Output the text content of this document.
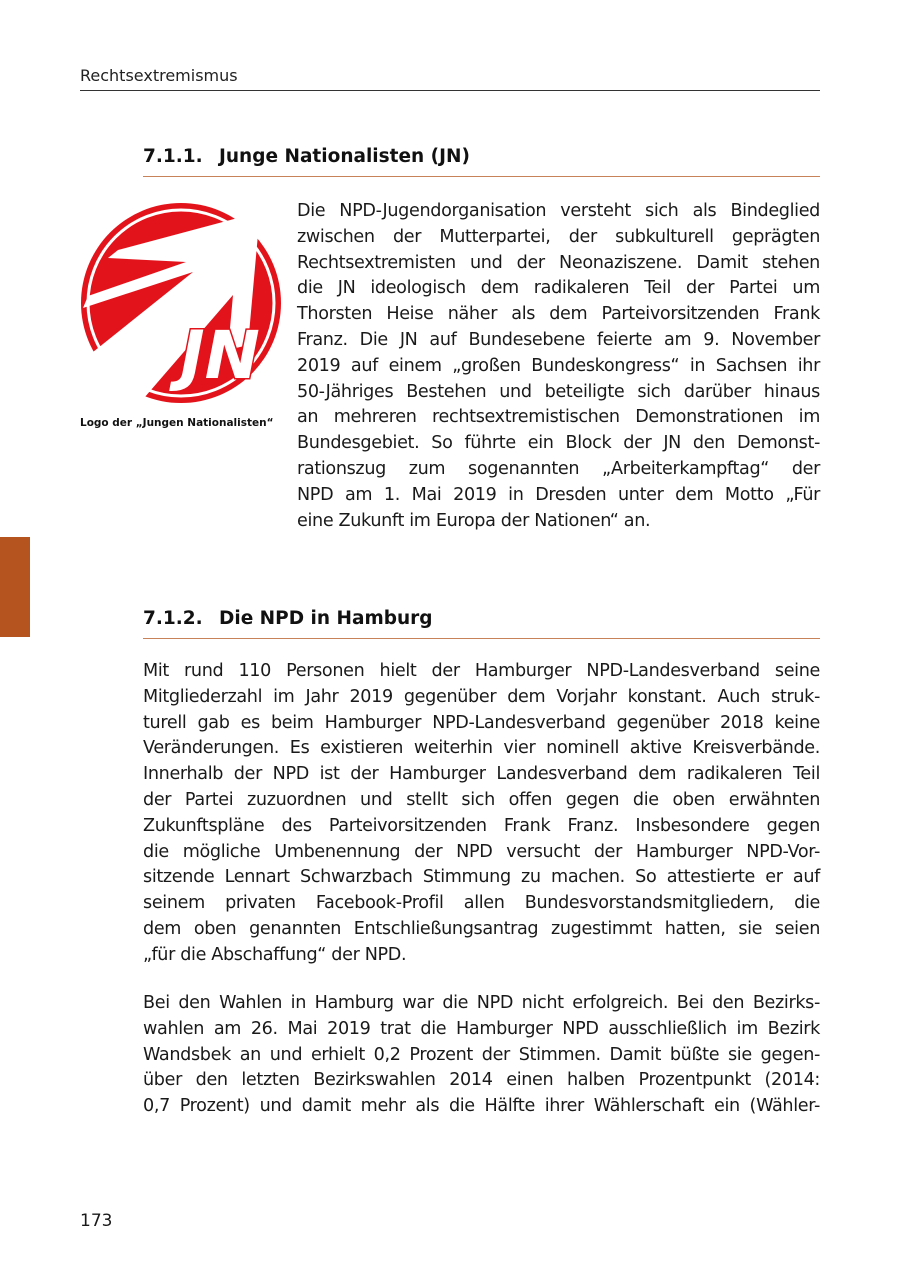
Rechtsextremismus
7.1.1. Junge Nationalisten (JN)
JN
Logo der „Jungen Nationalisten“
Die NPD-Jugendorganisation versteht sich als Bindeglied
zwischen der Mutterpartei, der subkulturell geprägten
Rechtsextremisten und der Neonaziszene. Damit stehen
die JN ideologisch dem radikaleren Teil der Partei um
Thorsten Heise näher als dem Parteivorsitzenden Frank
Franz. Die JN auf Bundesebene feierte am 9. November
2019 auf einem „großen Bundeskongress“ in Sachsen ihr
50-Jähriges Bestehen und beteiligte sich darüber hinaus
an mehreren rechtsextremistischen Demonstrationen im
Bundesgebiet. So führte ein Block der JN den Demonst-
rationszug zum sogenannten „Arbeiterkampftag“ der
NPD am 1. Mai 2019 in Dresden unter dem Motto „Für
eine Zukunft im Europa der Nationen“ an.
7.1.2. Die NPD in Hamburg
Mit rund 110 Personen hielt der Hamburger NPD-Landesverband seine
Mitgliederzahl im Jahr 2019 gegenüber dem Vorjahr konstant. Auch struk-
turell gab es beim Hamburger NPD-Landesverband gegenüber 2018 keine
Veränderungen. Es existieren weiterhin vier nominell aktive Kreisverbände.
Innerhalb der NPD ist der Hamburger Landesverband dem radikaleren Teil
der Partei zuzuordnen und stellt sich offen gegen die oben erwähnten
Zukunftspläne des Parteivorsitzenden Frank Franz. Insbesondere gegen
die mögliche Umbenennung der NPD versucht der Hamburger NPD-Vor-
sitzende Lennart Schwarzbach Stimmung zu machen. So attestierte er auf
seinem privaten Facebook-Profil allen Bundesvorstandsmitgliedern, die
dem oben genannten Entschließungsantrag zugestimmt hatten, sie seien
„für die Abschaffung“ der NPD.
Bei den Wahlen in Hamburg war die NPD nicht erfolgreich. Bei den Bezirks-
wahlen am 26. Mai 2019 trat die Hamburger NPD ausschließlich im Bezirk
Wandsbek an und erhielt 0,2 Prozent der Stimmen. Damit büßte sie gegen-
über den letzten Bezirkswahlen 2014 einen halben Prozentpunkt (2014:
0,7 Prozent) und damit mehr als die Hälfte ihrer Wählerschaft ein (Wähler-
173
